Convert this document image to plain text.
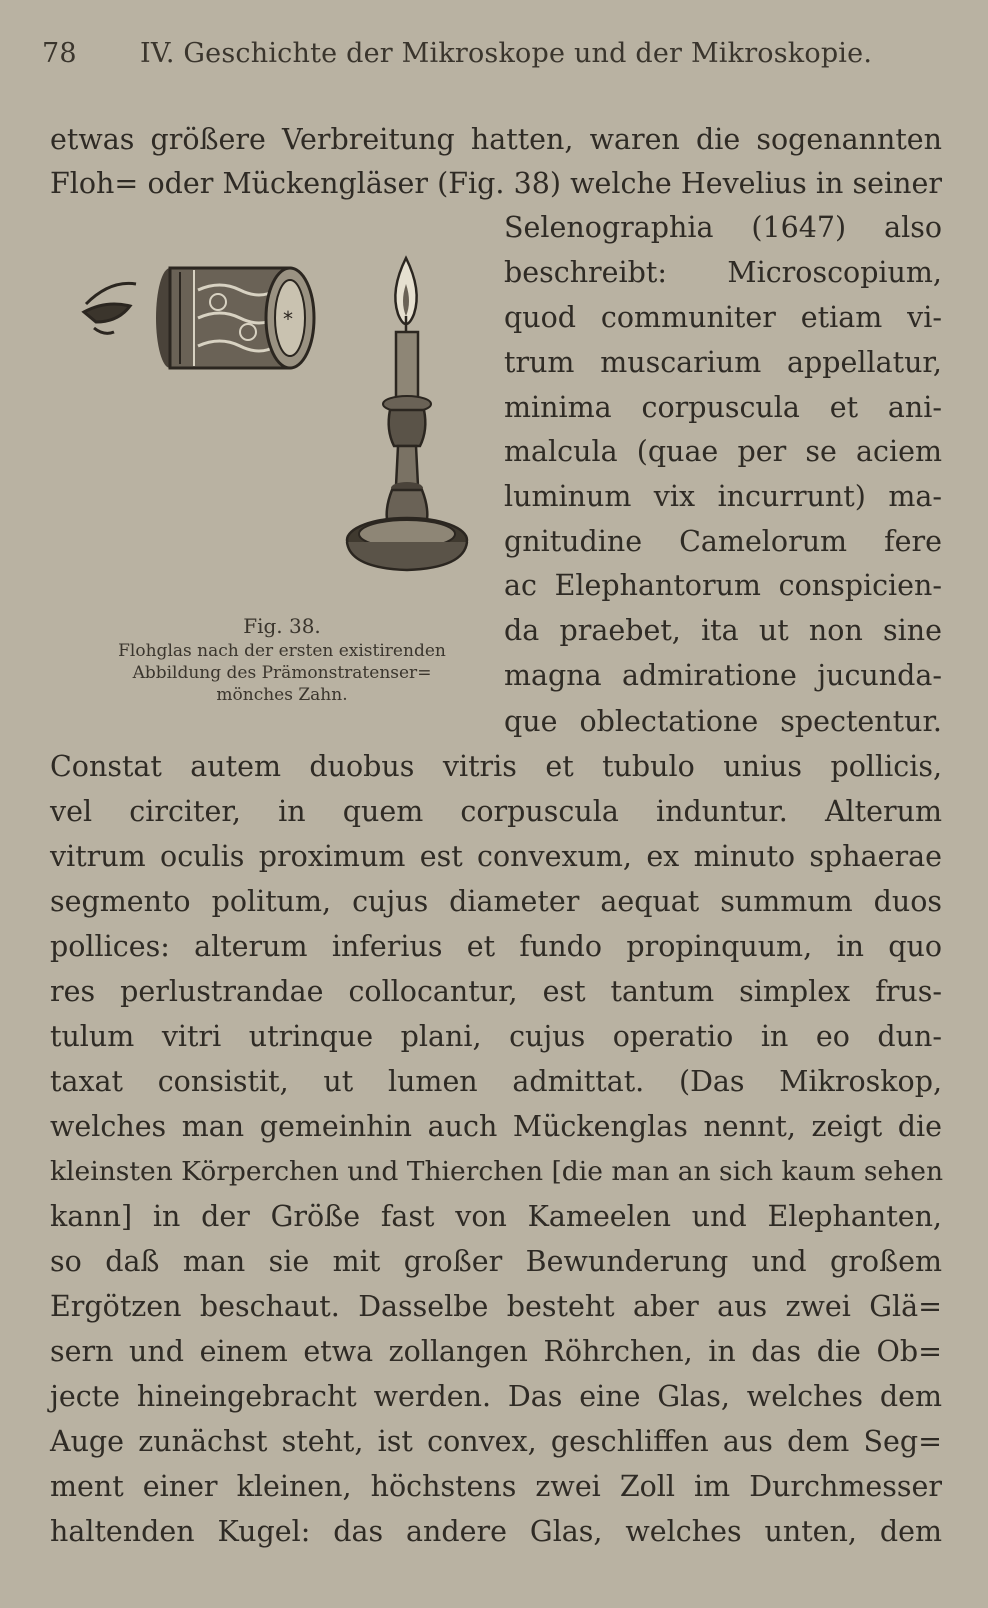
78 IV. Geschichte der Mikroskope und der Mikroskopie.
etwas größere Verbreitung hatten, waren die sogenannten
Floh= oder Mückengläser (Fig. 38) welche Hevelius in seiner
Selenographia (1647) also
beschreibt: Microscopium,
quod communiter etiam vi-
trum muscarium appellatur,
minima corpuscula et ani-
malcula (quae per se aciem
luminum vix incurrunt) ma-
gnitudine Camelorum fere
ac Elephantorum conspicien-
da praebet, ita ut non sine
magna admiratione jucunda-
que oblectatione spectentur.
*
Fig. 38.
Flohglas nach der ersten existirenden
Abbildung des Prämonstratenser=
mönches Zahn.
Constat autem duobus vitris et tubulo unius pollicis,
vel circiter, in quem corpuscula induntur. Alterum
vitrum oculis proximum est convexum, ex minuto sphaerae
segmento politum, cujus diameter aequat summum duos
pollices: alterum inferius et fundo propinquum, in quo
res perlustrandae collocantur, est tantum simplex frus-
tulum vitri utrinque plani, cujus operatio in eo dun-
taxat consistit, ut lumen admittat. (Das Mikroskop,
welches man gemeinhin auch Mückenglas nennt, zeigt die
kleinsten Körperchen und Thierchen [die man an sich kaum sehen
kann] in der Größe fast von Kameelen und Elephanten,
so daß man sie mit großer Bewunderung und großem
Ergötzen beschaut. Dasselbe besteht aber aus zwei Glä=
sern und einem etwa zollangen Röhrchen, in das die Ob=
jecte hineingebracht werden. Das eine Glas, welches dem
Auge zunächst steht, ist convex, geschliffen aus dem Seg=
ment einer kleinen, höchstens zwei Zoll im Durchmesser
haltenden Kugel: das andere Glas, welches unten, dem
